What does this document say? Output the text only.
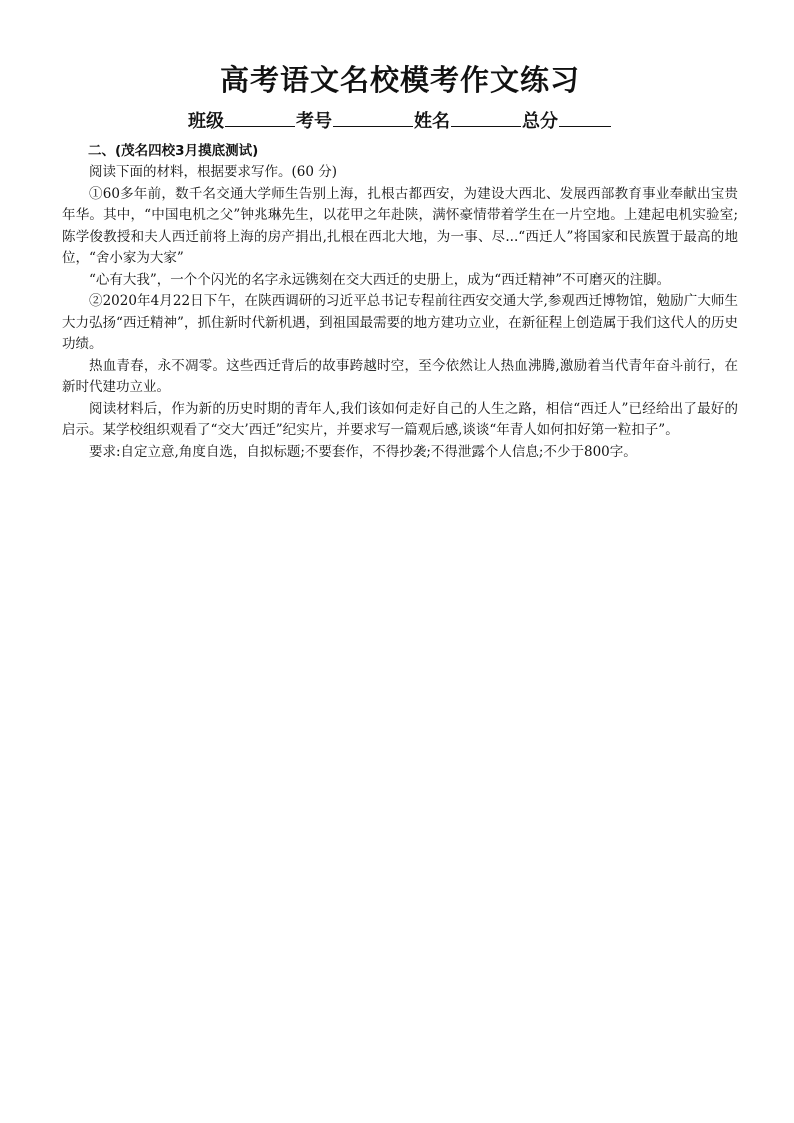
高考语文名校模考作文练习
班级	考号	姓名	总分
二、(茂名四校3月摸底测试)

阅读下面的材料，根据要求写作。(60 分)

①60多年前，数千名交通大学师生告别上海，扎根古都西安，为建设大西北、发展西部教育事业奉献出宝贵年华。其中，“中国电机之父”钟兆琳先生，以花甲之年赴陕，满怀豪情带着学生在一片空地。上建起电机实验室;陈学俊教授和夫人西迁前将上海的房产捐出,扎根在西北大地，为一事、尽...“西迁人”将国家和民族置于最高的地位，“舍小家为大家”

“心有大我”，一个个闪光的名字永远镌刻在交大西迁的史册上，成为“西迁精神”不可磨灭的注脚。

②2020年4月22日下午，在陕西调研的习近平总书记专程前往西安交通大学,参观西迁博物馆，勉励广大师生大力弘扬“西迁精神”，抓住新时代新机遇，到祖国最需要的地方建功立业，在新征程上创造属于我们这代人的历史功绩。

热血青春，永不凋零。这些西迁背后的故事跨越时空，至今依然让人热血沸腾,激励着当代青年奋斗前行，在新时代建功立业。

阅读材料后，作为新的历史时期的青年人,我们该如何走好自己的人生之路，相信“西迁人”已经给出了最好的启示。某学校组织观看了“交大’西迁”纪实片，并要求写一篇观后感,谈谈“年青人如何扣好第一粒扣子”。

要求:自定立意,角度自选，自拟标题;不要套作，不得抄袭;不得泄露个人信息;不少于800字。
